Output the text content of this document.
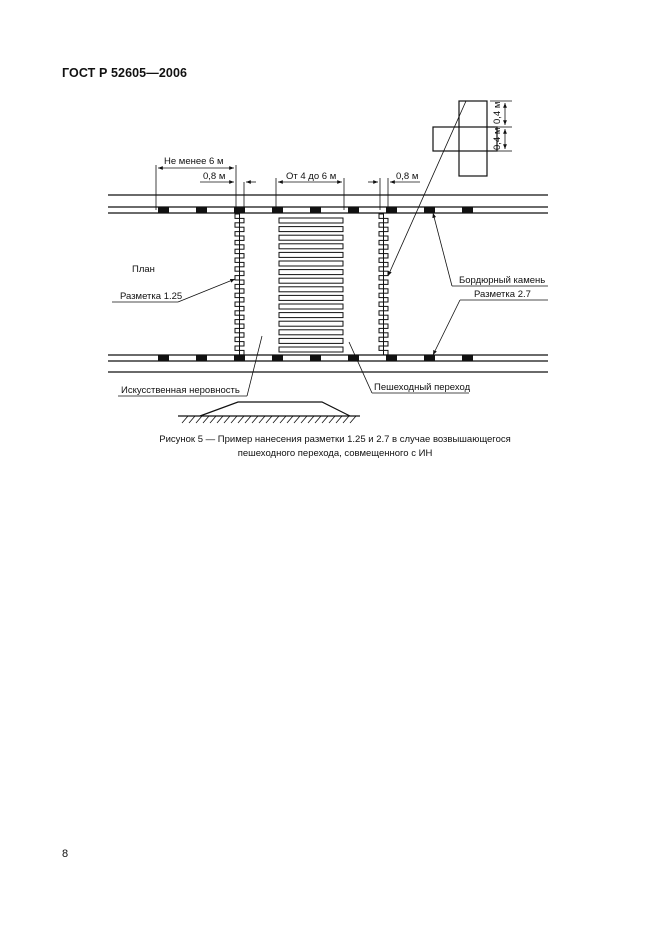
ГОСТ Р 52605—2006
Не менее 6 м
0,8 м	От 4 до 6 м	0,8 м
0,4 м
0,4 м
План
Разметка 1.25
Бордюрный камень
Разметка 2.7
Искусственная неровность	Пешеходный переход
Рисунок 5 — Пример нанесения разметки 1.25 и 2.7 в случае возвышающегося
пешеходного перехода, совмещенного с ИН
8
